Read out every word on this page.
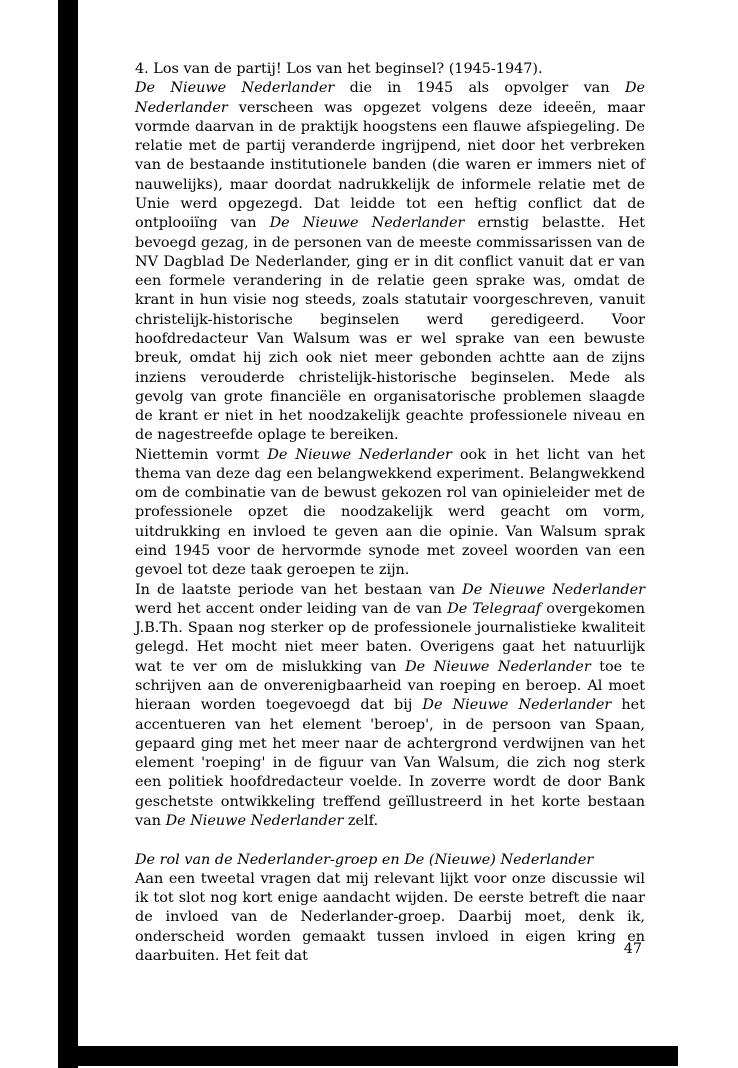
4. Los van de partij! Los van het beginsel? (1945-1947).

De Nieuwe Nederlander die in 1945 als opvolger van De Nederlander verscheen was opgezet volgens deze ideeën, maar vormde daarvan in de praktijk hoogstens een flauwe afspiegeling. De relatie met de partij veranderde ingrijpend, niet door het verbreken van de bestaande institutionele banden (die waren er immers niet of nauwelijks), maar doordat nadrukkelijk de informele relatie met de Unie werd opgezegd. Dat leidde tot een heftig conflict dat de ontplooiïng van De Nieuwe Nederlander ernstig belastte. Het bevoegd gezag, in de personen van de meeste commissarissen van de NV Dagblad De Nederlander, ging er in dit conflict vanuit dat er van een formele verandering in de relatie geen sprake was, omdat de krant in hun visie nog steeds, zoals statutair voorgeschreven, vanuit christelijk-historische beginselen werd geredigeerd. Voor hoofdredacteur Van Walsum was er wel sprake van een bewuste breuk, omdat hij zich ook niet meer gebonden achtte aan de zijns inziens verouderde christelijk-historische beginselen. Mede als gevolg van grote financiële en organisatorische problemen slaagde de krant er niet in het noodzakelijk geachte professionele niveau en de nagestreefde oplage te bereiken.

Niettemin vormt De Nieuwe Nederlander ook in het licht van het thema van deze dag een belangwekkend experiment. Belangwekkend om de combinatie van de bewust gekozen rol van opinieleider met de professionele opzet die noodzakelijk werd geacht om vorm, uitdrukking en invloed te geven aan die opinie. Van Walsum sprak eind 1945 voor de hervormde synode met zoveel woorden van een gevoel tot deze taak geroepen te zijn.

In de laatste periode van het bestaan van De Nieuwe Nederlander werd het accent onder leiding van de van De Telegraaf overgekomen J.B.Th. Spaan nog sterker op de professionele journalistieke kwaliteit gelegd. Het mocht niet meer baten. Overigens gaat het natuurlijk wat te ver om de mislukking van De Nieuwe Nederlander toe te schrijven aan de onverenigbaarheid van roeping en beroep. Al moet hieraan worden toegevoegd dat bij De Nieuwe Nederlander het accentueren van het element 'beroep', in de persoon van Spaan, gepaard ging met het meer naar de achtergrond verdwijnen van het element 'roeping' in de figuur van Van Walsum, die zich nog sterk een politiek hoofdredacteur voelde. In zoverre wordt de door Bank geschetste ontwikkeling treffend geïllustreerd in het korte bestaan van De Nieuwe Nederlander zelf.

De rol van de Nederlander-groep en De (Nieuwe) Nederlander

Aan een tweetal vragen dat mij relevant lijkt voor onze discussie wil ik tot slot nog kort enige aandacht wijden. De eerste betreft die naar de invloed van de Nederlander-groep. Daarbij moet, denk ik, onderscheid worden gemaakt tussen invloed in eigen kring en daarbuiten. Het feit dat	47
